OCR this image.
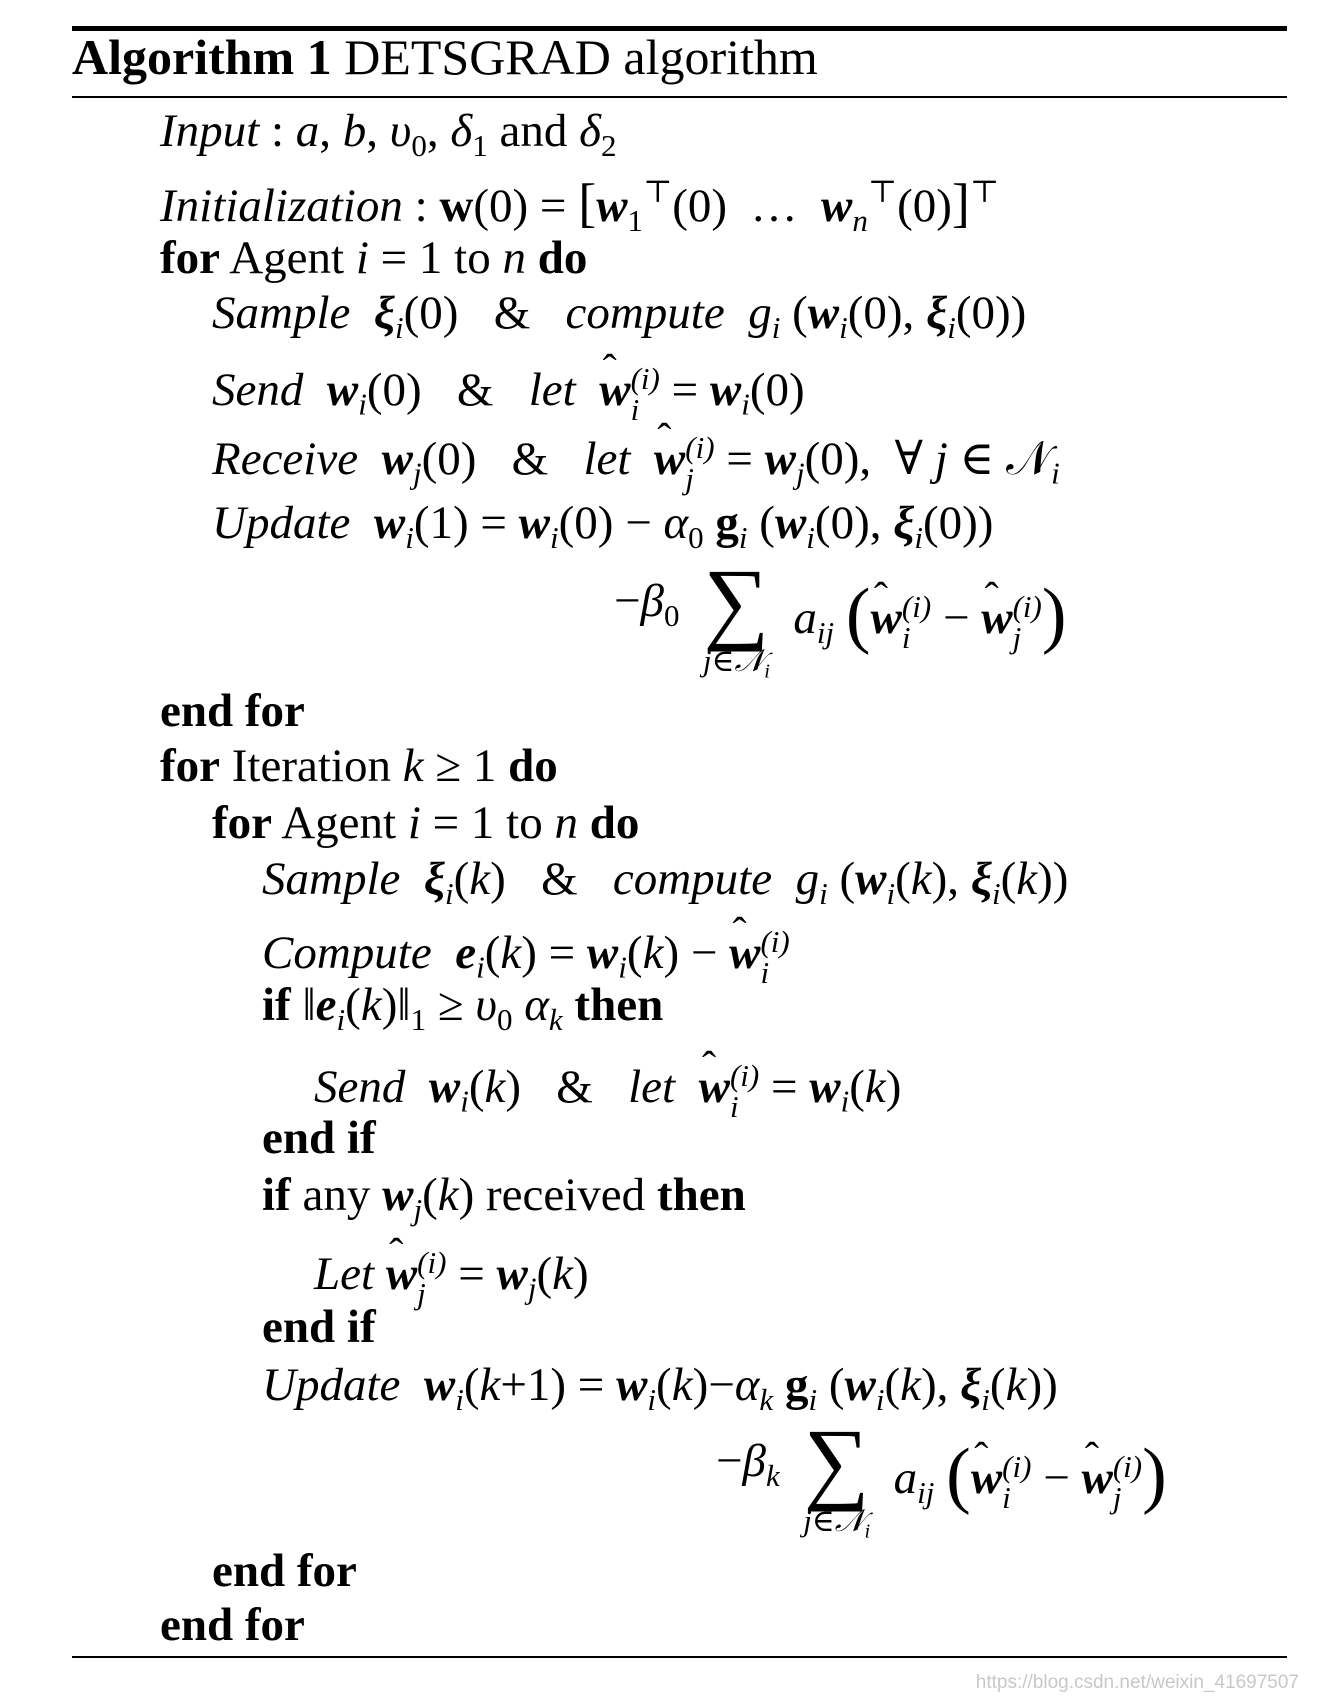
Algorithm 1 DETSGRAD algorithm
Input : a, b, $\upsilon_0$, $\delta_1$ and $\delta_2$
Initialization : $w(0) = [w_1^⊤(0)$  …  $w_n^⊤(0)]^⊤$
for Agent i = 1 to n do
Sample $\xi_i(0)$   & compute $g_i$ ($w_i(0)$, $\xi_i(0)$)
Send $w_i(0)$   & let ˆ w (i)
$i = w_i(0)$
Receive $w_j(0)$   & let ˆ w (i)
$j = w_j(0)$,  ∀ j ∈ 𝒩$_i$
Update $w_i(1) = w_i(0) - \alpha_0$ $g_i$ ($w_i(0)$, $\xi_i(0)$)
$-\beta_0$ ∑
j∈𝒩$_i$
$a_{ij}$ (ˆ w (i)
i − ˆ w (i)
j )
end for
for Iteration k ≥ 1 do
for Agent i = 1 to n do
Sample $\xi_i(k)$   & compute $g_i$ ($w_i(k)$, $\xi_i(k)$)
Compute $e_i(k) = w_i(k)$ − ˆ w (i)
i
if $‖e_i(k)‖_1 \ge \upsilon_0$ $\alpha_k$ then
Send $w_i(k)$   & let ˆ w (i)
$i = w_i(k)$
end if
if any $w_j(k)$ received then
Let ˆ w (i)
$j = w_j(k)$
end if
Update $w_i(k+1) = w_i(k)-\alpha_k$ $g_i$ ($w_i(k)$, $\xi_i(k)$)
$-\beta_k$ ∑
j∈𝒩$_i$
$a_{ij}$ (ˆ w (i)
i − ˆ w (i)
j )
end for
end for
https://blog.csdn.net/weixin_41697507
